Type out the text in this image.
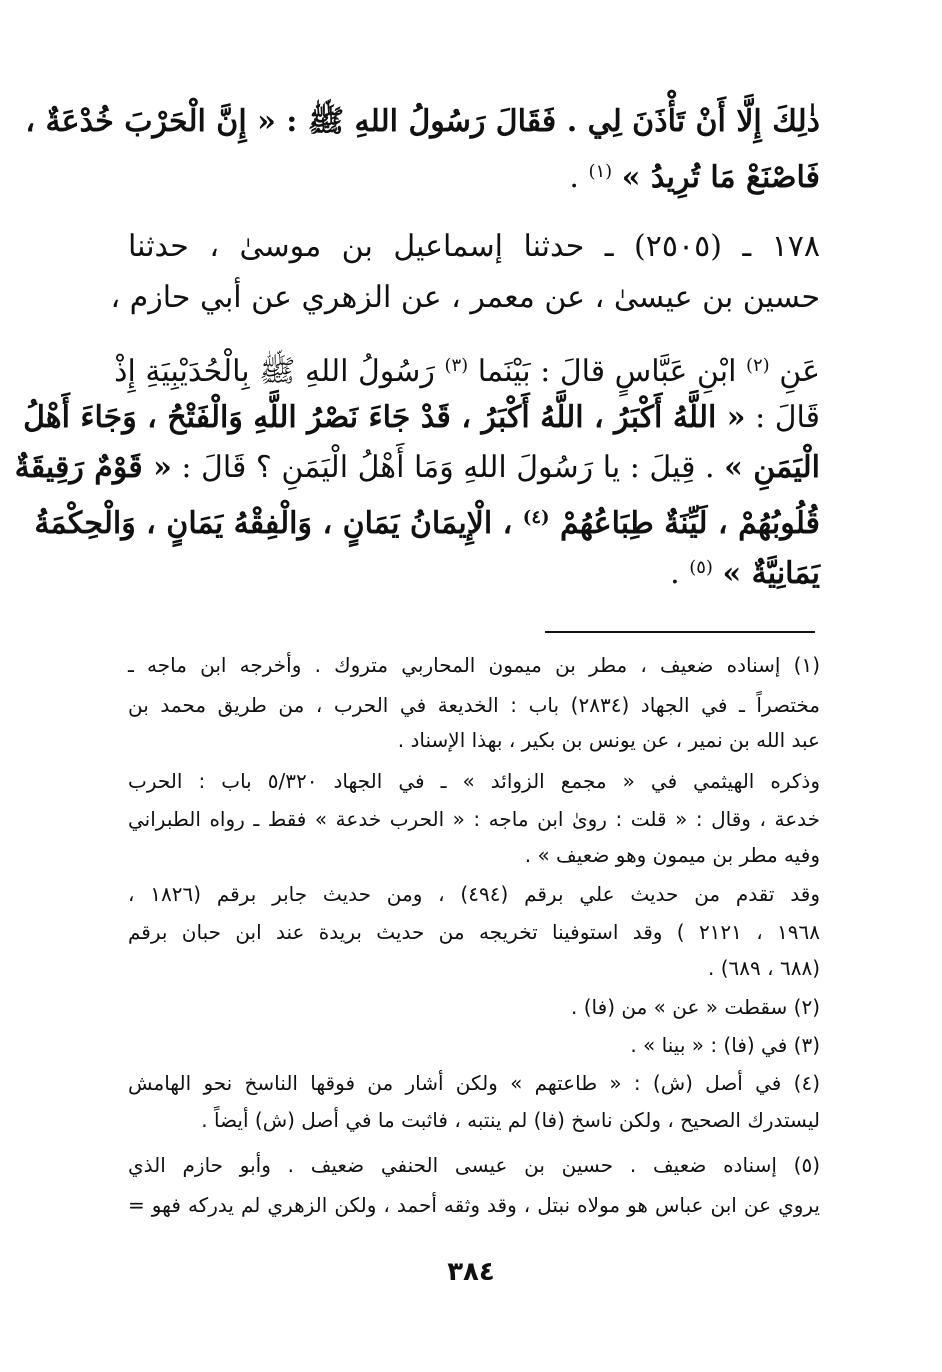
ذٰلِكَ إِلَّا أَنْ تَأْذَنَ لِي . فَقَالَ رَسُولُ اللهِ ﷺ : « إِنَّ الْحَرْبَ خُدْعَةٌ ،
فَاصْنَعْ مَا تُرِيدُ » $^{(١)}$ .
١٧٨ ـ (٢٥٠٥) ـ حدثنا إسماعيل بن موسىٰ ، حدثنا
حسين بن عيسىٰ ، عن معمر ، عن الزهري عن أبي حازم ،
عَنِ $^{(٢)}$ ابْنِ عَبَّاسٍ قالَ : بَيْنَما $^{(٣)}$ رَسُولُ اللهِ ﷺ بِالْحُدَيْبِيَةِ إِذْ
قَالَ : « اللَّهُ أَكْبَرُ ، اللَّهُ أَكْبَرُ ، قَدْ جَاءَ نَصْرُ اللَّهِ وَالْفَتْحُ ، وَجَاءَ أَهْلُ
الْيَمَنِ » . قِيلَ : يا رَسُولَ اللهِ وَمَا أَهْلُ الْيَمَنِ ؟ قَالَ : « قَوْمٌ رَقِيقَةٌ
قُلُوبُهُمْ ، لَيِّنَةٌ طِبَاعُهُمْ $^{(٤)}$ ، الْإِيمَانُ يَمَانٍ ، وَالْفِقْهُ يَمَانٍ ، وَالْحِكْمَةُ
يَمَانِيَّةٌ » $^{(٥)}$ .
(١) إسناده ضعيف ، مطر بن ميمون المحاربي متروك . وأخرجه ابن ماجه ـ
مختصراً ـ في الجهاد (٢٨٣٤) باب : الخديعة في الحرب ، من طريق محمد بن
عبد الله بن نمير ، عن يونس بن بكير ، بهذا الإسناد .
وذكره الهيثمي في « مجمع الزوائد » ـ في الجهاد ٥/٣٢٠ باب : الحرب
خدعة ، وقال : « قلت : روىٰ ابن ماجه : « الحرب خدعة » فقط ـ رواه الطبراني
وفيه مطر بن ميمون وهو ضعيف » .
وقد تقدم من حديث علي برقم (٤٩٤) ، ومن حديث جابر برقم (١٨٢٦ ،
١٩٦٨ ، ٢١٢١ ) وقد استوفينا تخريجه من حديث بريدة عند ابن حبان برقم
(٦٨٨ ، ٦٨٩) .
(٢) سقطت « عن » من (فا) .
(٣) في (فا) : « بينا » .
(٤) في أصل (ش) : « طاعتهم » ولكن أشار من فوقها الناسخ نحو الهامش
ليستدرك الصحيح ، ولكن ناسخ (فا) لم ينتبه ، فاثبت ما في أصل (ش) أيضاً .
(٥) إسناده ضعيف . حسين بن عيسى الحنفي ضعيف . وأبو حازم الذي
يروي عن ابن عباس هو مولاه نبتل ، وقد وثقه أحمد ، ولكن الزهري لم يدركه فهو =
٣٨٤
